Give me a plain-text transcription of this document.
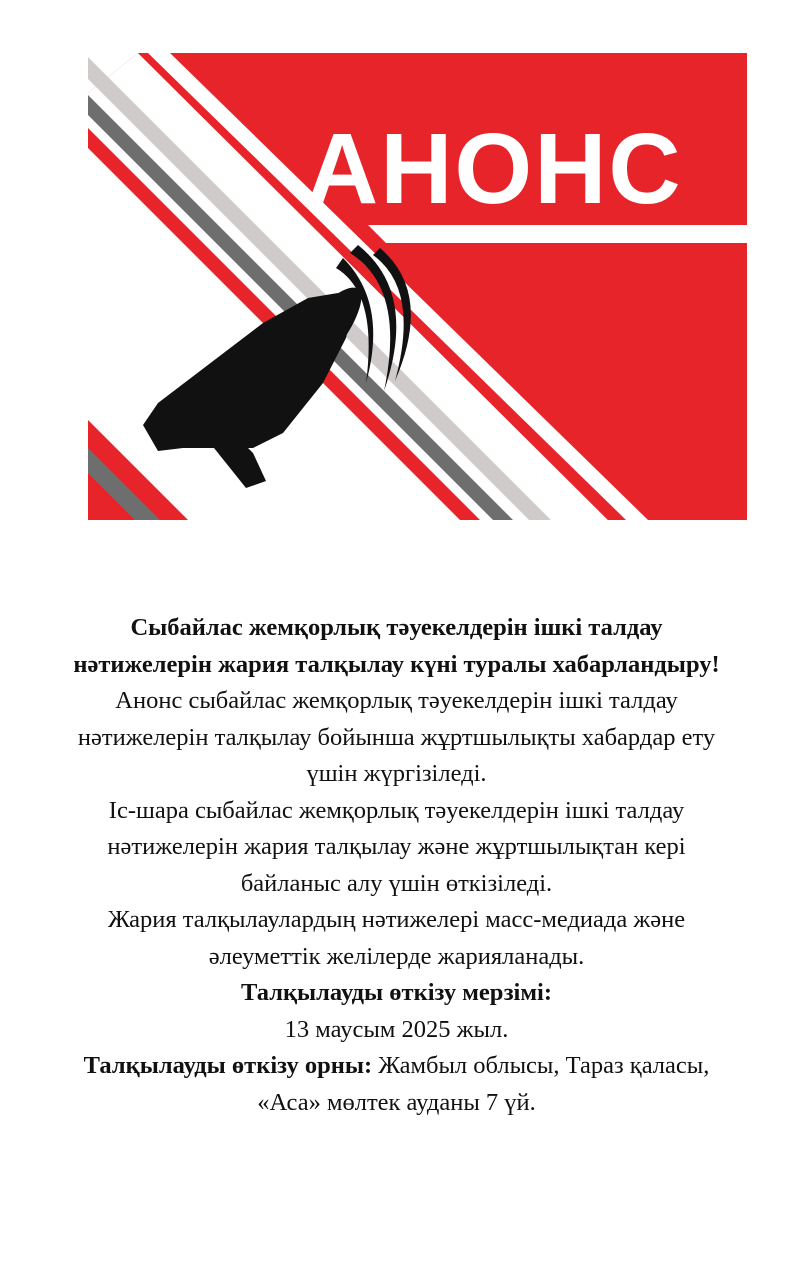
АНОНС

Сыбайлас жемқорлық тәуекелдерін ішкі талдау нәтижелерін жария талқылау күні туралы хабарландыру!

Анонс сыбайлас жемқорлық тәуекелдерін ішкі талдау нәтижелерін талқылау бойынша жұртшылықты хабардар ету үшін жүргізіледі.

Іс-шара сыбайлас жемқорлық тәуекелдерін ішкі талдау нәтижелерін жария талқылау және жұртшылықтан кері байланыс алу үшін өткізіледі.

Жария талқылаулардың нәтижелері масс-медиада және әлеуметтік желілерде жарияланады.

Талқылауды өткізу мерзімі:

13 маусым 2025 жыл.

Талқылауды өткізу орны: Жамбыл облысы, Тараз қаласы, «Аса» мөлтек ауданы 7 үй.
